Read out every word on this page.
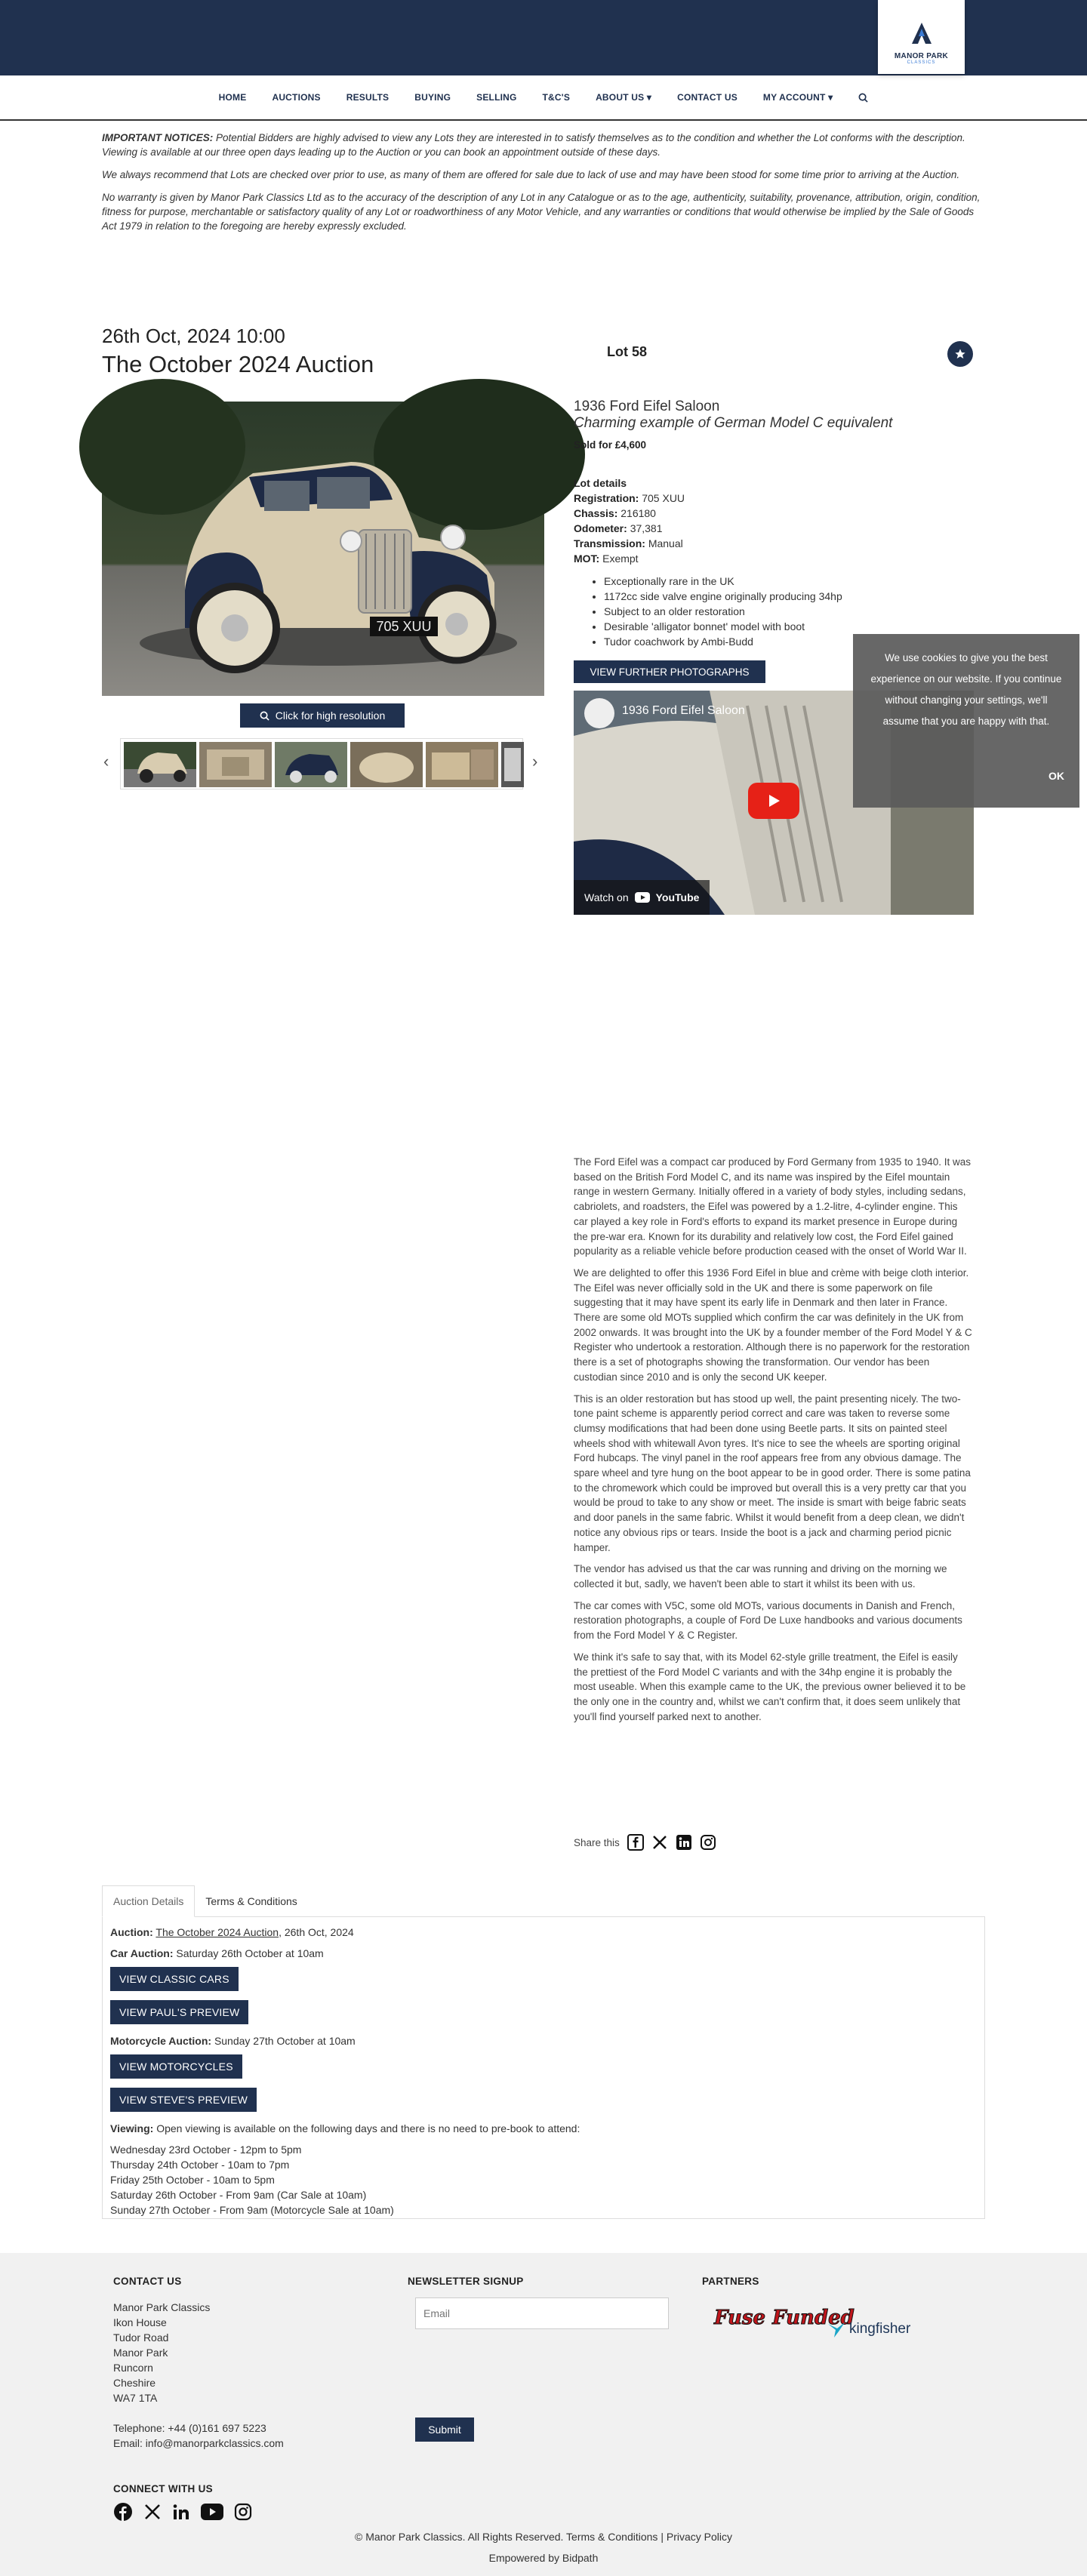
MANOR PARK
CLASSICS
HOME	AUCTIONS	RESULTS	BUYING	SELLING	T&C'S	ABOUT US ▾	CONTACT US	MY ACCOUNT ▾

IMPORTANT NOTICES: Potential Bidders are highly advised to view any Lots they are interested in to satisfy themselves as to the condition and whether the Lot conforms with the description. Viewing is available at our three open days leading up to the Auction or you can book an appointment outside of these days.

We always recommend that Lots are checked over prior to use, as many of them are offered for sale due to lack of use and may have been stood for some time prior to arriving at the Auction.

No warranty is given by Manor Park Classics Ltd as to the accuracy of the description of any Lot in any Catalogue or as to the age, authenticity, suitability, provenance, attribution, origin, condition, fitness for purpose, merchantable or satisfactory quality of any Lot or roadworthiness of any Motor Vehicle, and any warranties or conditions that would otherwise be implied by the Sale of Goods Act 1979 in relation to the foregoing are hereby expressly excluded.

26th Oct, 2024 10:00
The October 2024 Auction	Lot 58
705 XUU
Click for high resolution
‹	›
1936 Ford Eifel Saloon
Charming example of German Model C equivalent
Sold for £4,600
Lot details
Registration: 705 XUU
Chassis: 216180
Odometer: 37,381
Transmission: Manual
MOT: Exempt
• Exceptionally rare in the UK
• 1172cc side valve engine originally producing 34hp
• Subject to an older restoration
• Desirable 'alligator bonnet' model with boot
• Tudor coachwork by Ambi-Budd
VIEW FURTHER PHOTOGRAPHS
1936 Ford Eifel Saloon
Watch on	YouTube
We use cookies to give you the best experience on our website. If you continue without changing your settings, we'll assume that you are happy with that.
OK

The Ford Eifel was a compact car produced by Ford Germany from 1935 to 1940. It was based on the British Ford Model C, and its name was inspired by the Eifel mountain range in western Germany. Initially offered in a variety of body styles, including sedans, cabriolets, and roadsters, the Eifel was powered by a 1.2-litre, 4-cylinder engine. This car played a key role in Ford's efforts to expand its market presence in Europe during the pre-war era. Known for its durability and relatively low cost, the Ford Eifel gained popularity as a reliable vehicle before production ceased with the onset of World War II.

We are delighted to offer this 1936 Ford Eifel in blue and crème with beige cloth interior. The Eifel was never officially sold in the UK and there is some paperwork on file suggesting that it may have spent its early life in Denmark and then later in France. There are some old MOTs supplied which confirm the car was definitely in the UK from 2002 onwards. It was brought into the UK by a founder member of the Ford Model Y & C Register who undertook a restoration. Although there is no paperwork for the restoration there is a set of photographs showing the transformation. Our vendor has been custodian since 2010 and is only the second UK keeper.

This is an older restoration but has stood up well, the paint presenting nicely. The two-tone paint scheme is apparently period correct and care was taken to reverse some clumsy modifications that had been done using Beetle parts. It sits on painted steel wheels shod with whitewall Avon tyres. It's nice to see the wheels are sporting original Ford hubcaps. The vinyl panel in the roof appears free from any obvious damage. The spare wheel and tyre hung on the boot appear to be in good order. There is some patina to the chromework which could be improved but overall this is a very pretty car that you would be proud to take to any show or meet. The inside is smart with beige fabric seats and door panels in the same fabric. Whilst it would benefit from a deep clean, we didn't notice any obvious rips or tears. Inside the boot is a jack and charming period picnic hamper.

The vendor has advised us that the car was running and driving on the morning we collected it but, sadly, we haven't been able to start it whilst its been with us.

The car comes with V5C, some old MOTs, various documents in Danish and French, restoration photographs, a couple of Ford De Luxe handbooks and various documents from the Ford Model Y & C Register.

We think it's safe to say that, with its Model 62-style grille treatment, the Eifel is easily the prettiest of the Ford Model C variants and with the 34hp engine it is probably the most useable. When this example came to the UK, the previous owner believed it to be the only one in the country and, whilst we can't confirm that, it does seem unlikely that you'll find yourself parked next to another.

Share this
Auction Details	Terms & Conditions

Auction: The October 2024 Auction, 26th Oct, 2024

Car Auction: Saturday 26th October at 10am

VIEW CLASSIC CARS
VIEW PAUL'S PREVIEW

Motorcycle Auction: Sunday 27th October at 10am

VIEW MOTORCYCLES
VIEW STEVE'S PREVIEW

Viewing: Open viewing is available on the following days and there is no need to pre-book to attend:

Wednesday 23rd October - 12pm to 5pm
Thursday 24th October - 10am to 7pm
Friday 25th October - 10am to 5pm
Saturday 26th October - From 9am (Car Sale at 10am)
Sunday 27th October - From 9am (Motorcycle Sale at 10am)
CONTACT US
Manor Park Classics
Ikon House
Tudor Road
Manor Park
Runcorn
Cheshire
WA7 1TA
Telephone: +44 (0)161 697 5223
Email: info@manorparkclassics.com
NEWSLETTER SIGNUP
Email
Submit
PARTNERS
Fuse Funded
kingfisher
CONNECT WITH US
© Manor Park Classics. All Rights Reserved. Terms & Conditions | Privacy Policy
Empowered by Bidpath
